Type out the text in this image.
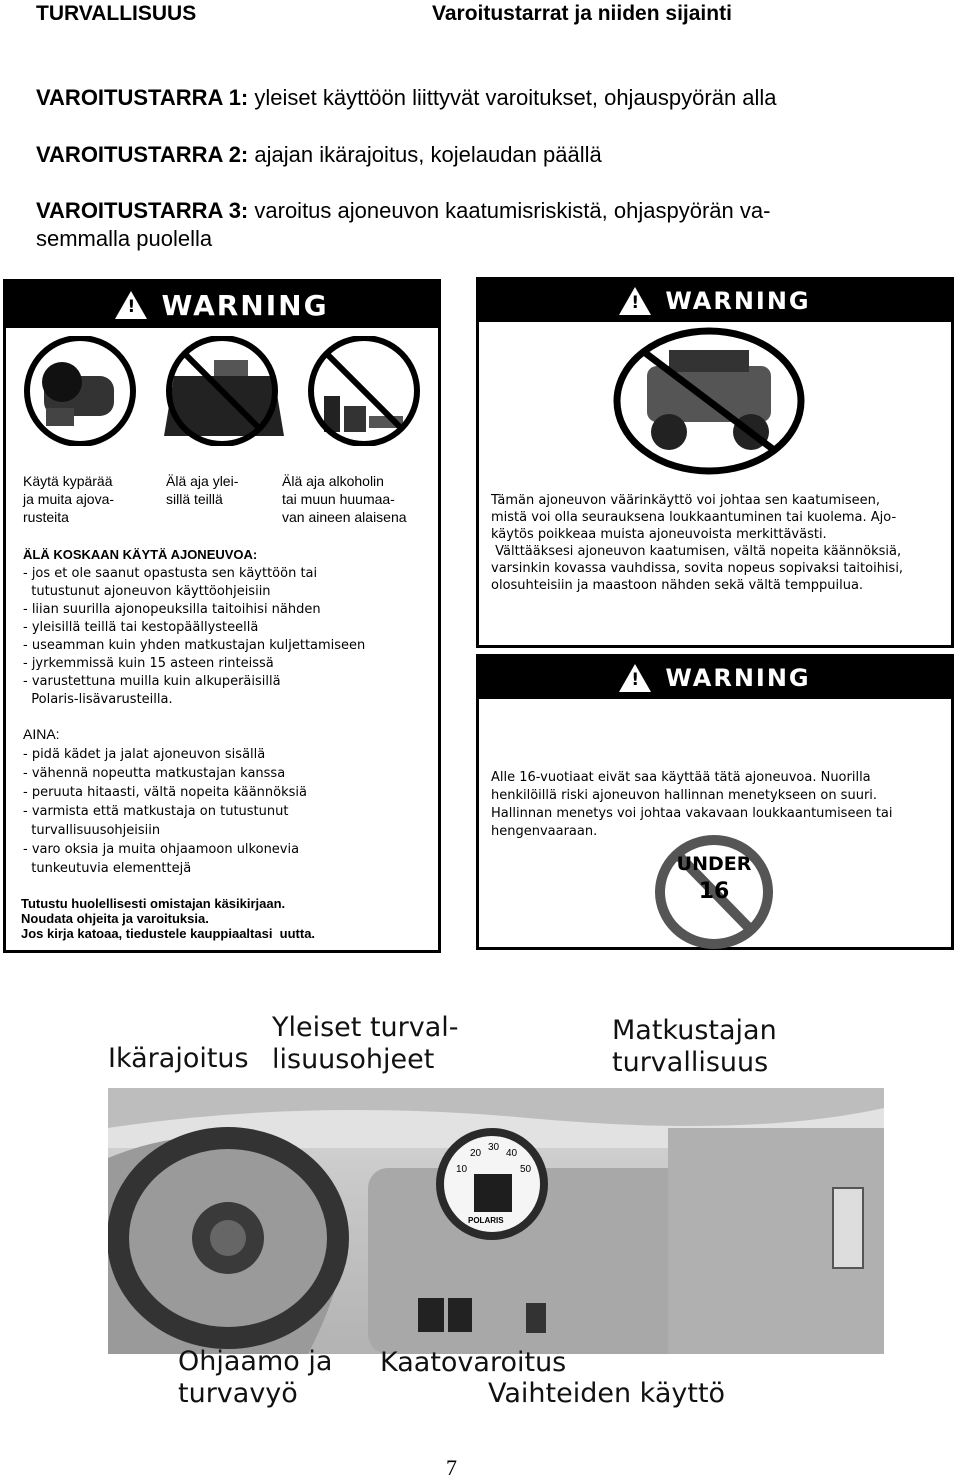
TURVALLISUUS	Varoitustarrat ja niiden sijainti
VAROITUSTARRA 1: yleiset käyttöön liittyvät varoitukset, ohjauspyörän alla
VAROITUSTARRA 2: ajajan ikärajoitus, kojelaudan päällä
VAROITUSTARRA 3: varoitus ajoneuvon kaatumisriskistä, ohjaspyörän va-
semmalla puolella
!
WARNING
Käytä kypärää
ja muita ajova-
rusteita
Älä aja ylei-
sillä teillä
Älä aja alkoholin
tai muun huumaa-
van aineen alaisena
ÄLÄ KOSKAAN KÄYTÄ AJONEUVOA:
- jos et ole saanut opastusta sen käyttöön tai
tutustunut ajoneuvon käyttöohjeisiin
- liian suurilla ajonopeuksilla taitoihisi nähden
- yleisillä teillä tai kestopäällysteellä
- useamman kuin yhden matkustajan kuljettamiseen
- jyrkemmissä kuin 15 asteen rinteissä
- varustettuna muilla kuin alkuperäisillä
Polaris-lisävarusteilla.
AINA:
- pidä kädet ja jalat ajoneuvon sisällä
- vähennä nopeutta matkustajan kanssa
- peruuta hitaasti, vältä nopeita käännöksiä
- varmista että matkustaja on tutustunut
turvallisuusohjeisiin
- varo oksia ja muita ohjaamoon ulkonevia
tunkeutuvia elementtejä
Tutustu huolellisesti omistajan käsikirjaan.
Noudata ohjeita ja varoituksia.
Jos kirja katoaa, tiedustele kauppiaaltasi  uutta.
!
WARNING
Tämän ajoneuvon väärinkäyttö voi johtaa sen kaatumiseen,
mistä voi olla seurauksena loukkaantuminen tai kuolema. Ajo-
käytös poikkeaa muista ajoneuvoista merkittävästi.
Välttääksesi ajoneuvon kaatumisen, vältä nopeita käännöksiä,
varsinkin kovassa vauhdissa, sovita nopeus sopivaksi taitoihisi,
olosuhteisiin ja maastoon nähden sekä vältä temppuilua.
!
WARNING
Alle 16-vuotiaat eivät saa käyttää tätä ajoneuvoa. Nuorilla
henkilöillä riski ajoneuvon hallinnan menetykseen on suuri.
Hallinnan menetys voi johtaa vakavaan loukkaantumiseen tai
hengenvaaraan.
UNDER
16
Ikärajoitus
Yleiset turval-
lisuusohjeet
Matkustajan
turvallisuus
10
20
30
40
50
POLARIS
Ohjaamo ja
turvavyö
Kaatovaroitus
Vaihteiden käyttö
7
